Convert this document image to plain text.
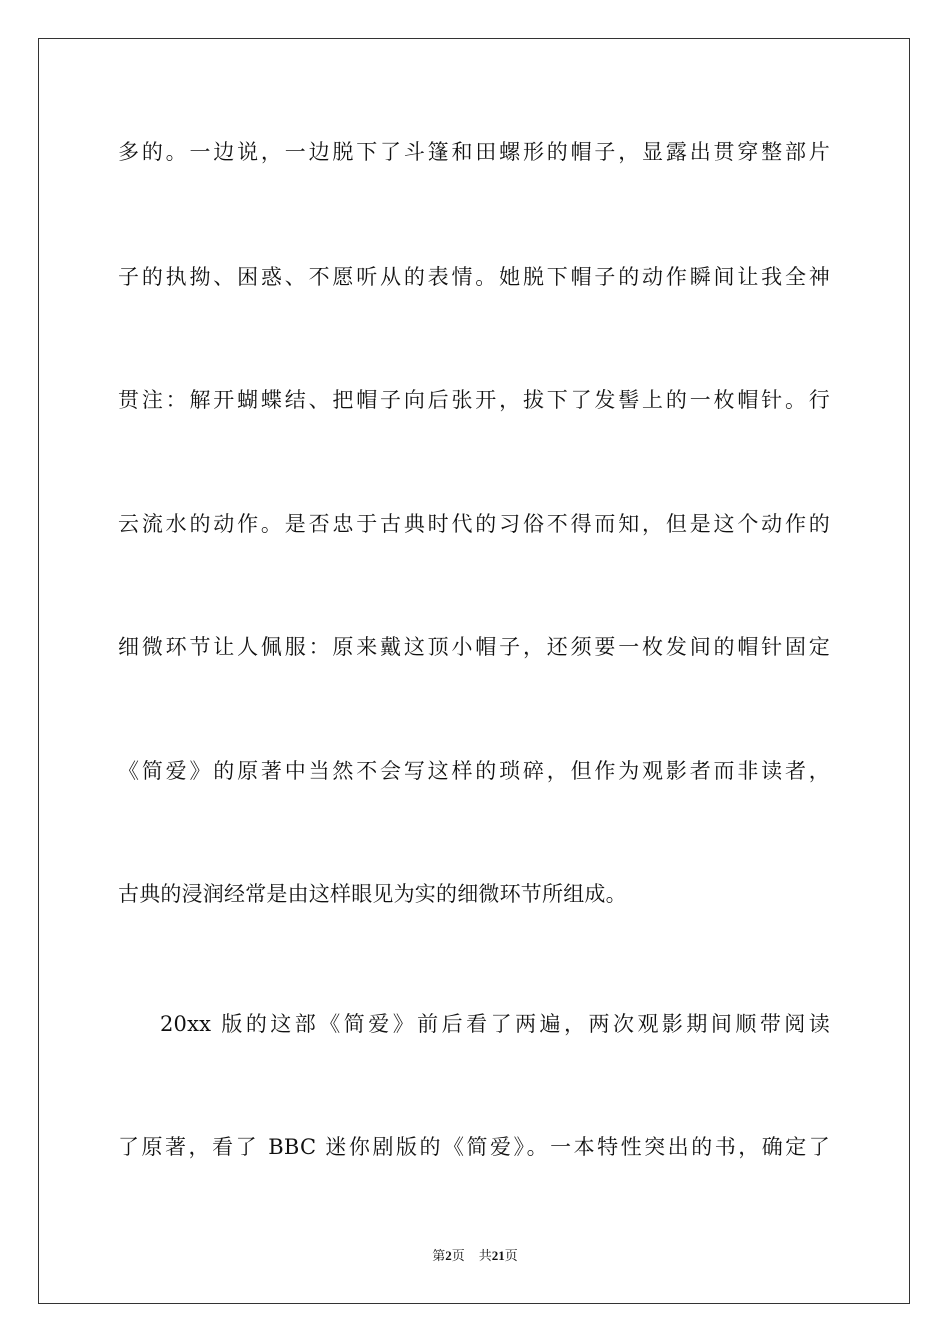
多的。一边说，一边脱下了斗篷和田螺形的帽子，显露出贯穿整部片
子的执拗、困惑、不愿听从的表情。她脱下帽子的动作瞬间让我全神
贯注：解开蝴蝶结、把帽子向后张开，拔下了发髻上的一枚帽针。行
云流水的动作。是否忠于古典时代的习俗不得而知，但是这个动作的
细微环节让人佩服：原来戴这顶小帽子，还须要一枚发间的帽针固定
《简爱》的原著中当然不会写这样的琐碎，但作为观影者而非读者，
古典的浸润经常是由这样眼见为实的细微环节所组成。
20xx 版的这部《简爱》前后看了两遍，两次观影期间顺带阅读
了原著，看了 BBC 迷你剧版的《简爱》。一本特性突出的书，确定了
第2页 共21页
